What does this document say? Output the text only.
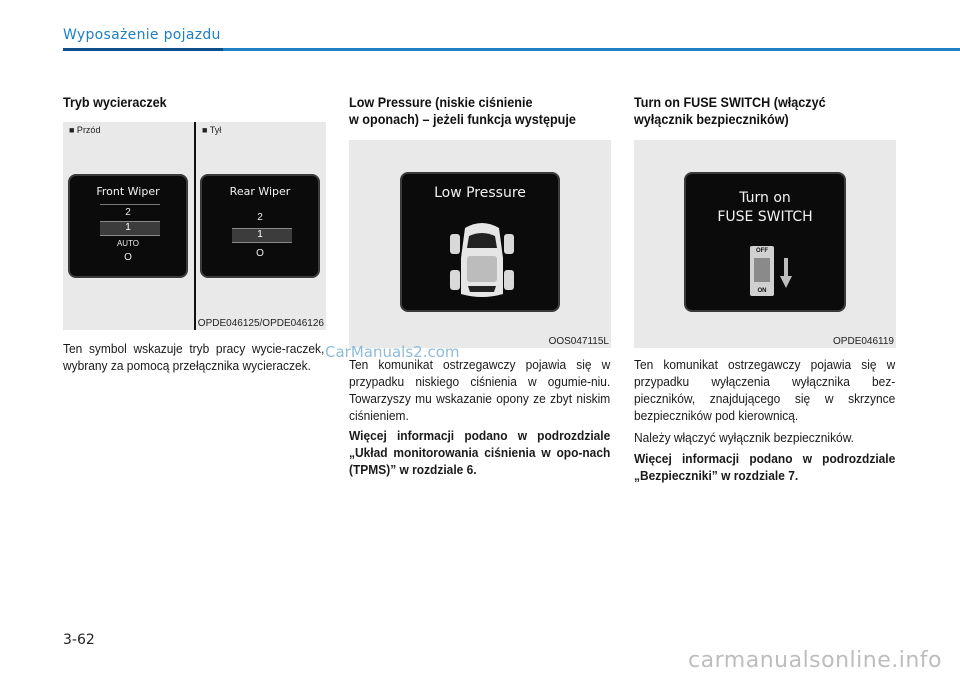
Wyposażenie pojazdu
Tryb wycieraczek
■ Przód	■ Tył
Front Wiper
2
1
AUTO
O
Rear Wiper
2
1
O
OPDE046125/OPDE046126
Ten symbol wskazuje tryb pracy wycie-raczek, wybrany za pomocą przełącznika wycieraczek.
Low Pressure (niskie ciśnienie
w oponach) – jeżeli funkcja występuje
Low Pressure
OOS047115L
Ten komunikat ostrzegawczy pojawia się w przypadku niskiego ciśnienia w ogumie-niu. Towarzyszy mu wskazanie opony ze zbyt niskim ciśnieniem.
Więcej informacji podano w podrozdziale „Układ monitorowania ciśnienia w opo-nach (TPMS)” w rozdziale 6.
Turn on FUSE SWITCH (włączyć
wyłącznik bezpieczników)
Turn on
FUSE SWITCH
OFF
ON
OPDE046119
Ten komunikat ostrzegawczy pojawia się w przypadku wyłączenia wyłącznika bez-pieczników, znajdującego się w skrzynce bezpieczników pod kierownicą.
Należy włączyć wyłącznik bezpieczników.
Więcej informacji podano w podrozdziale „Bezpieczniki” w rozdziale 7.
CarManuals2.com
3-62
carmanualsonline.info
